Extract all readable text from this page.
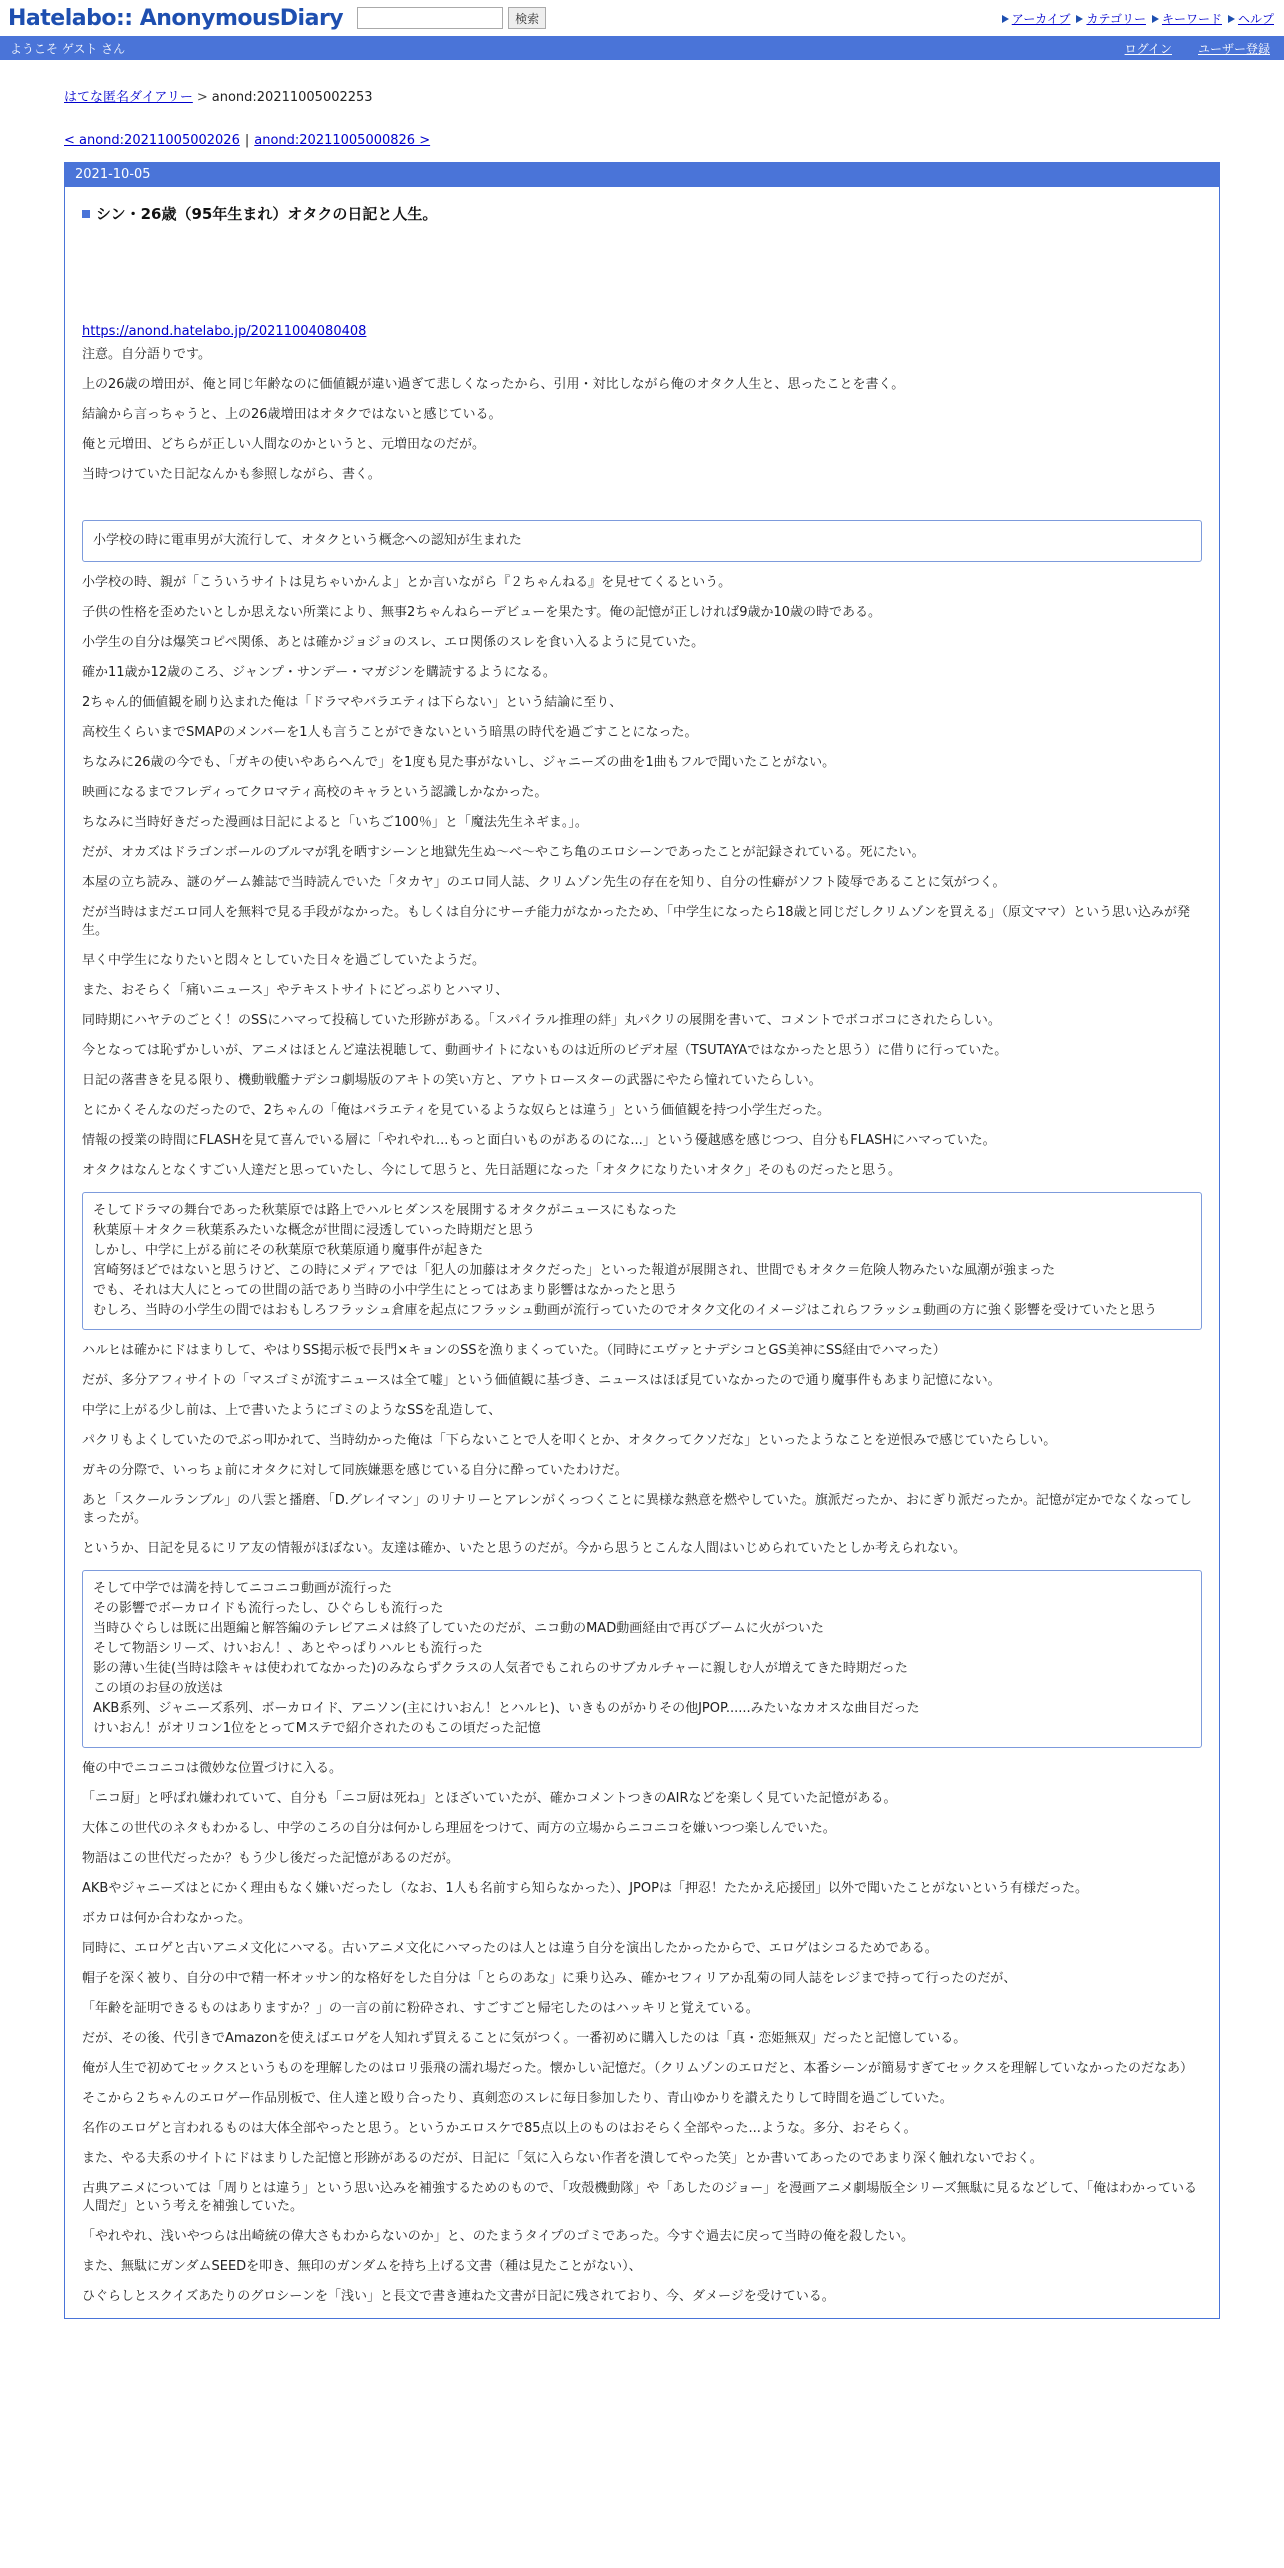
Hatelabo:: AnonymousDiary	検索	アーカイブ カテゴリー キーワード ヘルプ
ようこそ ゲスト さん	ログイン ユーザー登録
はてな匿名ダイアリー > anond:20211005002253
< anond:20211005002026 | anond:20211005000826 >
2021-10-05
シン・26歳（95年生まれ）オタクの日記と人生。
https://anond.hatelabo.jp/20211004080408

注意。自分語りです。

上の26歳の増田が、俺と同じ年齢なのに価値観が違い過ぎて悲しくなったから、引用・対比しながら俺のオタク人生と、思ったことを書く。

結論から言っちゃうと、上の26歳増田はオタクではないと感じている。

俺と元増田、どちらが正しい人間なのかというと、元増田なのだが。

当時つけていた日記なんかも参照しながら、書く。

小学校の時に電車男が大流行して、オタクという概念への認知が生まれた

小学校の時、親が「こういうサイトは見ちゃいかんよ」とか言いながら『２ちゃんねる』を見せてくるという。

子供の性格を歪めたいとしか思えない所業により、無事2ちゃんねらーデビューを果たす。俺の記憶が正しければ9歳か10歳の時である。

小学生の自分は爆笑コピペ関係、あとは確かジョジョのスレ、エロ関係のスレを食い入るように見ていた。

確か11歳か12歳のころ、ジャンプ・サンデー・マガジンを購読するようになる。

2ちゃん的価値観を刷り込まれた俺は「ドラマやバラエティは下らない」という結論に至り、

高校生くらいまでSMAPのメンバーを1人も言うことができないという暗黒の時代を過ごすことになった。

ちなみに26歳の今でも、「ガキの使いやあらへんで」を1度も見た事がないし、ジャニーズの曲を1曲もフルで聞いたことがない。

映画になるまでフレディってクロマティ高校のキャラという認識しかなかった。

ちなみに当時好きだった漫画は日記によると「いちご100％」と「魔法先生ネギま。」。

だが、オカズはドラゴンボールのブルマが乳を晒すシーンと地獄先生ぬ～べ～やこち亀のエロシーンであったことが記録されている。死にたい。

本屋の立ち読み、謎のゲーム雑誌で当時読んでいた「タカヤ」のエロ同人誌、クリムゾン先生の存在を知り、自分の性癖がソフト陵辱であることに気がつく。

だが当時はまだエロ同人を無料で見る手段がなかった。もしくは自分にサーチ能力がなかったため、「中学生になったら18歳と同じだしクリムゾンを買える」（原文ママ）という思い込みが発生。

早く中学生になりたいと悶々としていた日々を過ごしていたようだ。

また、おそらく「痛いニュース」やテキストサイトにどっぷりとハマリ、

同時期にハヤテのごとく！のSSにハマって投稿していた形跡がある。「スパイラル推理の絆」丸パクリの展開を書いて、コメントでボコボコにされたらしい。

今となっては恥ずかしいが、アニメはほとんど違法視聴して、動画サイトにないものは近所のビデオ屋（TSUTAYAではなかったと思う）に借りに行っていた。

日記の落書きを見る限り、機動戦艦ナデシコ劇場版のアキトの笑い方と、アウトロースターの武器にやたら憧れていたらしい。

とにかくそんなのだったので、2ちゃんの「俺はバラエティを見ているような奴らとは違う」という価値観を持つ小学生だった。

情報の授業の時間にFLASHを見て喜んでいる層に「やれやれ...もっと面白いものがあるのにな...」という優越感を感じつつ、自分もFLASHにハマっていた。

オタクはなんとなくすごい人達だと思っていたし、今にして思うと、先日話題になった「オタクになりたいオタク」そのものだったと思う。

そしてドラマの舞台であった秋葉原では路上でハルヒダンスを展開するオタクがニュースにもなった
秋葉原＋オタク＝秋葉系みたいな概念が世間に浸透していった時期だと思う
しかし、中学に上がる前にその秋葉原で秋葉原通り魔事件が起きた
宮崎努ほどではないと思うけど、この時にメディアでは「犯人の加藤はオタクだった」といった報道が展開され、世間でもオタク＝危険人物みたいな風潮が強まった
でも、それは大人にとっての世間の話であり当時の小中学生にとってはあまり影響はなかったと思う
むしろ、当時の小学生の間ではおもしろフラッシュ倉庫を起点にフラッシュ動画が流行っていたのでオタク文化のイメージはこれらフラッシュ動画の方に強く影響を受けていたと思う

ハルヒは確かにドはまりして、やはりSS掲示板で長門×キョンのSSを漁りまくっていた。（同時にエヴァとナデシコとGS美神にSS経由でハマった）

だが、多分アフィサイトの「マスゴミが流すニュースは全て嘘」という価値観に基づき、ニュースはほぼ見ていなかったので通り魔事件もあまり記憶にない。

中学に上がる少し前は、上で書いたようにゴミのようなSSを乱造して、

パクリもよくしていたのでぶっ叩かれて、当時幼かった俺は「下らないことで人を叩くとか、オタクってクソだな」といったようなことを逆恨みで感じていたらしい。

ガキの分際で、いっちょ前にオタクに対して同族嫌悪を感じている自分に酔っていたわけだ。

あと「スクールランブル」の八雲と播磨、「D.グレイマン」のリナリーとアレンがくっつくことに異様な熱意を燃やしていた。旗派だったか、おにぎり派だったか。記憶が定かでなくなってしまったが。

というか、日記を見るにリア友の情報がほぼない。友達は確か、いたと思うのだが。今から思うとこんな人間はいじめられていたとしか考えられない。

そして中学では満を持してニコニコ動画が流行った
その影響でボーカロイドも流行ったし、ひぐらしも流行った
当時ひぐらしは既に出題編と解答編のテレビアニメは終了していたのだが、ニコ動のMAD動画経由で再びブームに火がついた
そして物語シリーズ、けいおん！、あとやっぱりハルヒも流行った
影の薄い生徒(当時は陰キャは使われてなかった)のみならずクラスの人気者でもこれらのサブカルチャーに親しむ人が増えてきた時期だった
この頃のお昼の放送は
AKB系列、ジャニーズ系列、ボーカロイド、アニソン(主にけいおん！とハルヒ)、いきものがかりその他JPOP......みたいなカオスな曲目だった
けいおん！がオリコン1位をとってMステで紹介されたのもこの頃だった記憶

俺の中でニコニコは微妙な位置づけに入る。

「ニコ厨」と呼ばれ嫌われていて、自分も「ニコ厨は死ね」とほざいていたが、確かコメントつきのAIRなどを楽しく見ていた記憶がある。

大体この世代のネタもわかるし、中学のころの自分は何かしら理屈をつけて、両方の立場からニコニコを嫌いつつ楽しんでいた。

物語はこの世代だったか？もう少し後だった記憶があるのだが。

AKBやジャニーズはとにかく理由もなく嫌いだったし（なお、1人も名前すら知らなかった）、JPOPは「押忍！たたかえ応援団」以外で聞いたことがないという有様だった。

ボカロは何か合わなかった。

同時に、エロゲと古いアニメ文化にハマる。古いアニメ文化にハマったのは人とは違う自分を演出したかったからで、エロゲはシコるためである。

帽子を深く被り、自分の中で精一杯オッサン的な格好をした自分は「とらのあな」に乗り込み、確かセフィリアか乱菊の同人誌をレジまで持って行ったのだが、

「年齢を証明できるものはありますか？」の一言の前に粉砕され、すごすごと帰宅したのはハッキリと覚えている。

だが、その後、代引きでAmazonを使えばエロゲを人知れず買えることに気がつく。一番初めに購入したのは「真・恋姫無双」だったと記憶している。

俺が人生で初めてセックスというものを理解したのはロリ張飛の濡れ場だった。懐かしい記憶だ。（クリムゾンのエロだと、本番シーンが簡易すぎてセックスを理解していなかったのだなあ）

そこから２ちゃんのエロゲー作品別板で、住人達と殴り合ったり、真剣恋のスレに毎日参加したり、青山ゆかりを讃えたりして時間を過ごしていた。

名作のエロゲと言われるものは大体全部やったと思う。というかエロスケで85点以上のものはおそらく全部やった...ような。多分、おそらく。

また、やる夫系のサイトにドはまりした記憶と形跡があるのだが、日記に「気に入らない作者を潰してやった笑」とか書いてあったのであまり深く触れないでおく。

古典アニメについては「周りとは違う」という思い込みを補強するためのもので、「攻殻機動隊」や「あしたのジョー」を漫画アニメ劇場版全シリーズ無駄に見るなどして、「俺はわかっている人間だ」という考えを補強していた。

「やれやれ、浅いやつらは出崎統の偉大さもわからないのか」と、のたまうタイプのゴミであった。今すぐ過去に戻って当時の俺を殺したい。

また、無駄にガンダムSEEDを叩き、無印のガンダムを持ち上げる文書（種は見たことがない）、

ひぐらしとスクイズあたりのグロシーンを「浅い」と長文で書き連ねた文書が日記に残されており、今、ダメージを受けている。
